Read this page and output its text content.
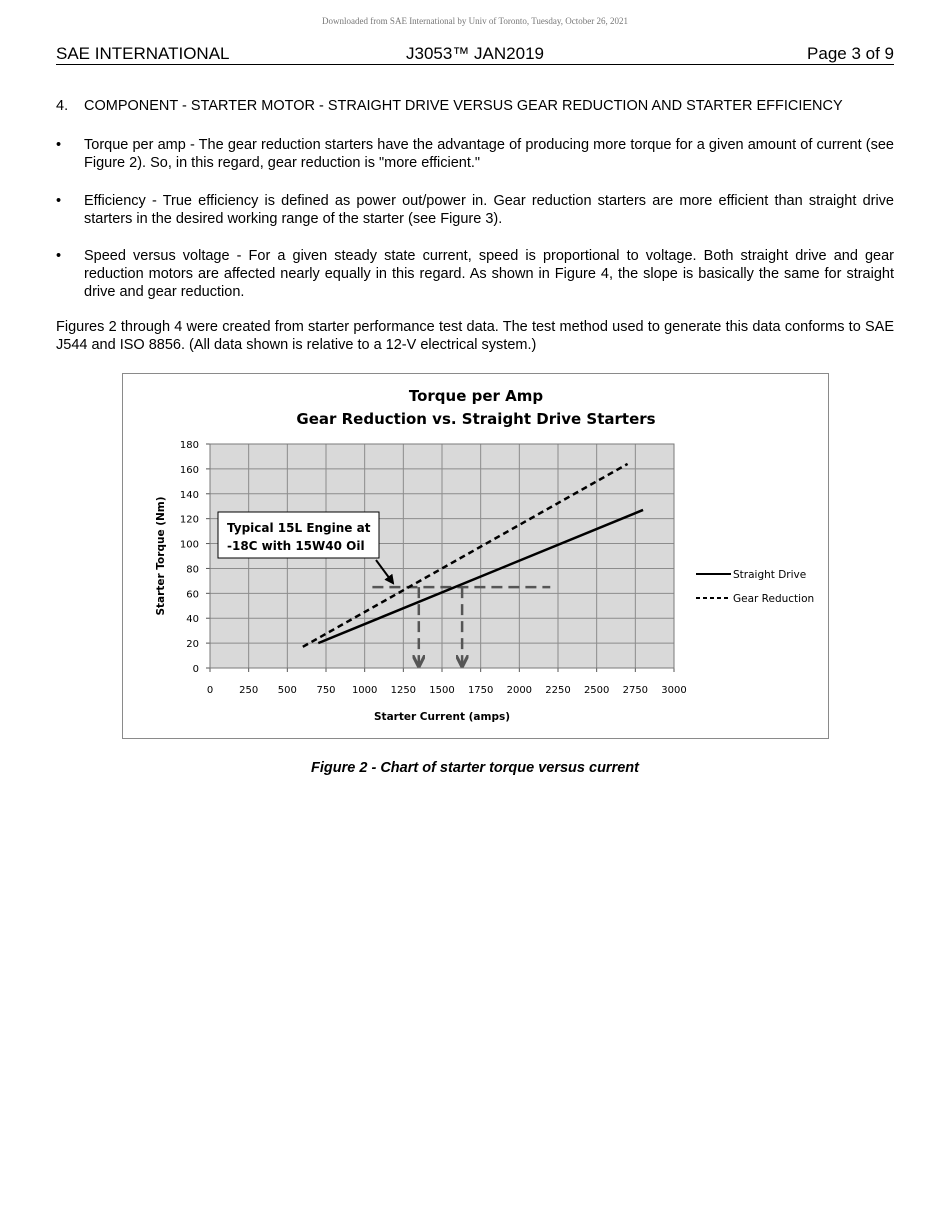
Downloaded from SAE International by Univ of Toronto, Tuesday, October 26, 2021
SAE INTERNATIONAL	J3053™ JAN2019	Page 3 of 9
4. COMPONENT - STARTER MOTOR - STRAIGHT DRIVE VERSUS GEAR REDUCTION AND STARTER EFFICIENCY
• Torque per amp - The gear reduction starters have the advantage of producing more torque for a given amount of current (see Figure 2). So, in this regard, gear reduction is "more efficient."
• Efficiency - True efficiency is defined as power out/power in. Gear reduction starters are more efficient than straight drive starters in the desired working range of the starter (see Figure 3).
• Speed versus voltage - For a given steady state current, speed is proportional to voltage. Both straight drive and gear reduction motors are affected nearly equally in this regard. As shown in Figure 4, the slope is basically the same for straight drive and gear reduction.
Figures 2 through 4 were created from starter performance test data. The test method used to generate this data conforms to SAE J544 and ISO 8856. (All data shown is relative to a 12-V electrical system.)
Torque per Amp
Gear Reduction vs. Straight Drive Starters
0
20
40
60
80
100
120
140
160
180
0	250 500 750 1000 1250 1500 1750 2000 2250 2500 2750 3000
Starter Current (amps)
Starter Torque (Nm)	Typical 15L Engine at
-18C with 15W40 Oil
Straight Drive
Gear Reduction
Figure 2 - Chart of starter torque versus current
